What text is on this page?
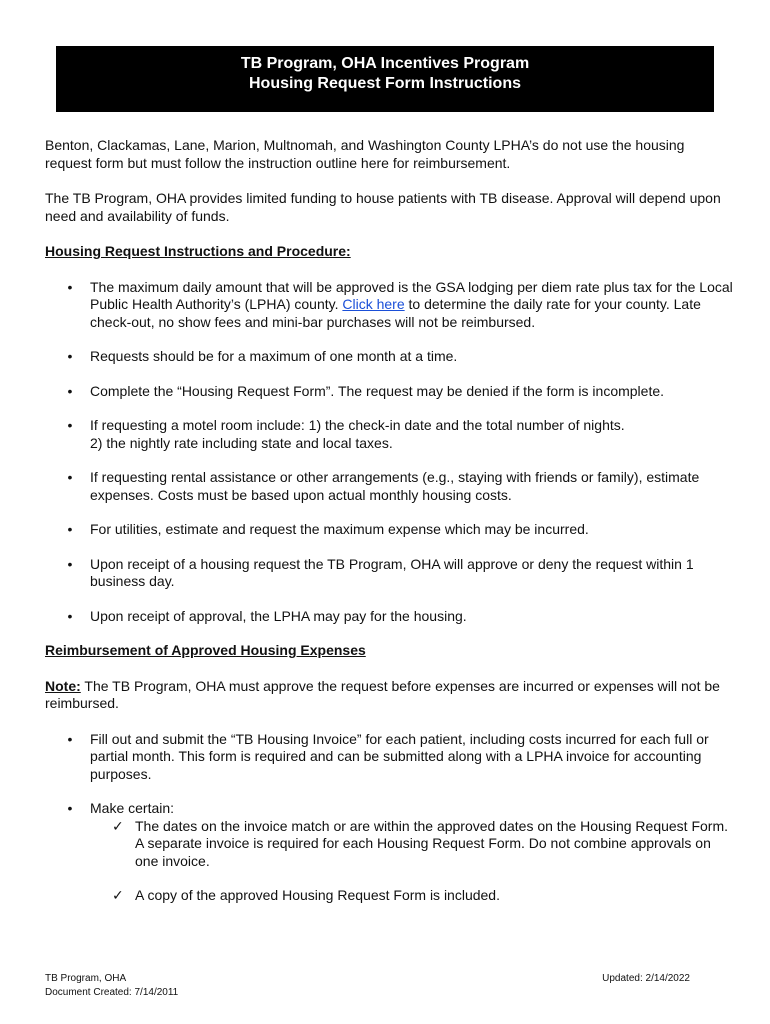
TB Program, OHA Incentives Program
Housing Request Form Instructions

Benton, Clackamas, Lane, Marion, Multnomah, and Washington County LPHA’s do not use the housing request form but must follow the instruction outline here for reimbursement.

The TB Program, OHA provides limited funding to house patients with TB disease. Approval will depend upon need and availability of funds.

Housing Request Instructions and Procedure:

• The maximum daily amount that will be approved is the GSA lodging per diem rate plus tax for the Local Public Health Authority’s (LPHA) county. Click here to determine the daily rate for your county. Late check-out, no show fees and mini-bar purchases will not be reimbursed.
• Requests should be for a maximum of one month at a time.
• Complete the “Housing Request Form”. The request may be denied if the form is incomplete.
• If requesting a motel room include: 1) the check-in date and the total number of nights.
2) the nightly rate including state and local taxes.
• If requesting rental assistance or other arrangements (e.g., staying with friends or family), estimate expenses. Costs must be based upon actual monthly housing costs.
• For utilities, estimate and request the maximum expense which may be incurred.
• Upon receipt of a housing request the TB Program, OHA will approve or deny the request within 1 business day.
• Upon receipt of approval, the LPHA may pay for the housing.

Reimbursement of Approved Housing Expenses

Note: The TB Program, OHA must approve the request before expenses are incurred or expenses will not be reimbursed.

• Fill out and submit the “TB Housing Invoice” for each patient, including costs incurred for each full or partial month. This form is required and can be submitted along with a LPHA invoice for accounting purposes.
• Make certain:
✓ The dates on the invoice match or are within the approved dates on the Housing Request Form. A separate invoice is required for each Housing Request Form. Do not combine approvals on one invoice.
✓ A copy of the approved Housing Request Form is included.
TB Program, OHA
Document Created: 7/14/2011
Updated: 2/14/2022
